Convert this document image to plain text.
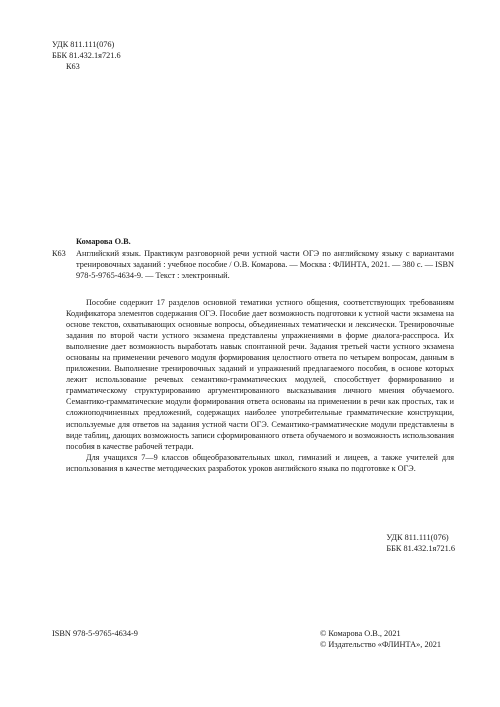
УДК 811.111(076)
ББК 81.432.1я721.6
К63
Комарова О.В.
К63 Английский язык. Практикум разговорной речи устной части ОГЭ по английскому языку с вариантами тренировочных заданий : учебное пособие / О.В. Комарова. — Москва : ФЛИНТА, 2021. — 380 с. — ISBN 978-5-9765-4634-9. — Текст : электронный.

Пособие содержит 17 разделов основной тематики устного общения, соответствующих требованиям Кодификатора элементов содержания ОГЭ. Пособие дает возможность подготовки к устной части экзамена на основе текстов, охватывающих основные вопросы, объединенных тематически и лексически. Тренировочные задания по второй части устного экзамена представлены упражнениями в форме диалога-расспроса. Их выполнение дает возможность выработать навык спонтанной речи. Задания третьей части устного экзамена основаны на применении речевого модуля формирования целостного ответа по четырем вопросам, данным в приложении. Выполнение тренировочных заданий и упражнений предлагаемого пособия, в основе которых лежит использование речевых семантико-грамматических модулей, способствует формированию и грамматическому структурированию аргументированного высказывания личного мнения обучаемого. Семантико-грамматические модули формирования ответа основаны на применении в речи как простых, так и сложноподчиненных предложений, содержащих наиболее употребительные грамматические конструкции, используемые для ответов на задания устной части ОГЭ. Семантико-грамматические модули представлены в виде таблиц, дающих возможность записи сформированного ответа обучаемого и возможность использования пособия в качестве рабочей тетради.

Для учащихся 7—9 классов общеобразовательных школ, гимназий и лицеев, а также учителей для использования в качестве методических разработок уроков английского языка по подготовке к ОГЭ.

УДК 811.111(076)
ББК 81.432.1я721.6
ISBN 978-5-9765-4634-9	© Комарова О.В., 2021
© Издательство «ФЛИНТА», 2021
